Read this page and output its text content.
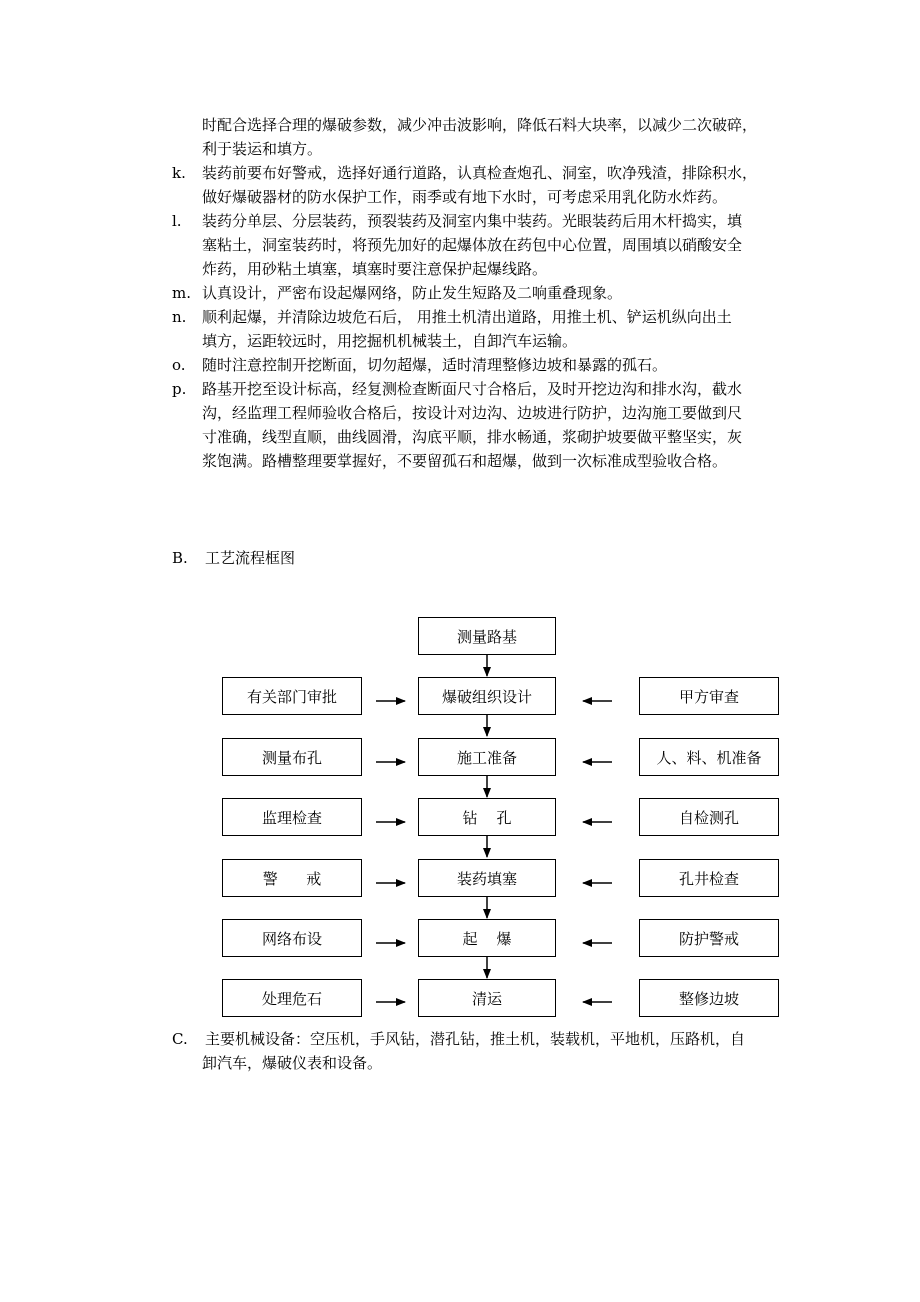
时配合选择合理的爆破参数，减少冲击波影响，降低石料大块率，以减少二次破碎，
利于装运和填方。
k. 装药前要布好警戒，选择好通行道路，认真检查炮孔、洞室，吹净残渣，排除积水，
做好爆破器材的防水保护工作，雨季或有地下水时，可考虑采用乳化防水炸药。
l. 装药分单层、分层装药，预裂装药及洞室内集中装药。光眼装药后用木杆捣实，填
塞粘土，洞室装药时，将预先加好的起爆体放在药包中心位置，周围填以硝酸安全
炸药，用砂粘土填塞，填塞时要注意保护起爆线路。
m. 认真设计，严密布设起爆网络，防止发生短路及二响重叠现象。
n. 顺利起爆，并清除边坡危石后， 用推土机清出道路，用推土机、铲运机纵向出土
填方，运距较远时，用挖掘机机械装土，自卸汽车运输。
o. 随时注意控制开挖断面，切勿超爆，适时清理整修边坡和暴露的孤石。
p. 路基开挖至设计标高，经复测检查断面尺寸合格后，及时开挖边沟和排水沟，截水
沟，经监理工程师验收合格后，按设计对边沟、边坡进行防护，边沟施工要做到尺
寸准确，线型直顺，曲线圆滑，沟底平顺，排水畅通，浆砌护坡要做平整坚实，灰
浆饱满。路槽整理要掌握好，不要留孤石和超爆，做到一次标准成型验收合格。
B. 工艺流程框图
测量路基
爆破组织设计
施工准备
钻    孔
装药填塞
起    爆
清运
有关部门审批
测量布孔
监理检查
警      戒
网络布设
处理危石
甲方审查
人、料、机准备
自检测孔
孔井检查
防护警戒
整修边坡
C. 主要机械设备：空压机，手风钻，潜孔钻，推土机，装载机，平地机，压路机，自
卸汽车，爆破仪表和设备。
